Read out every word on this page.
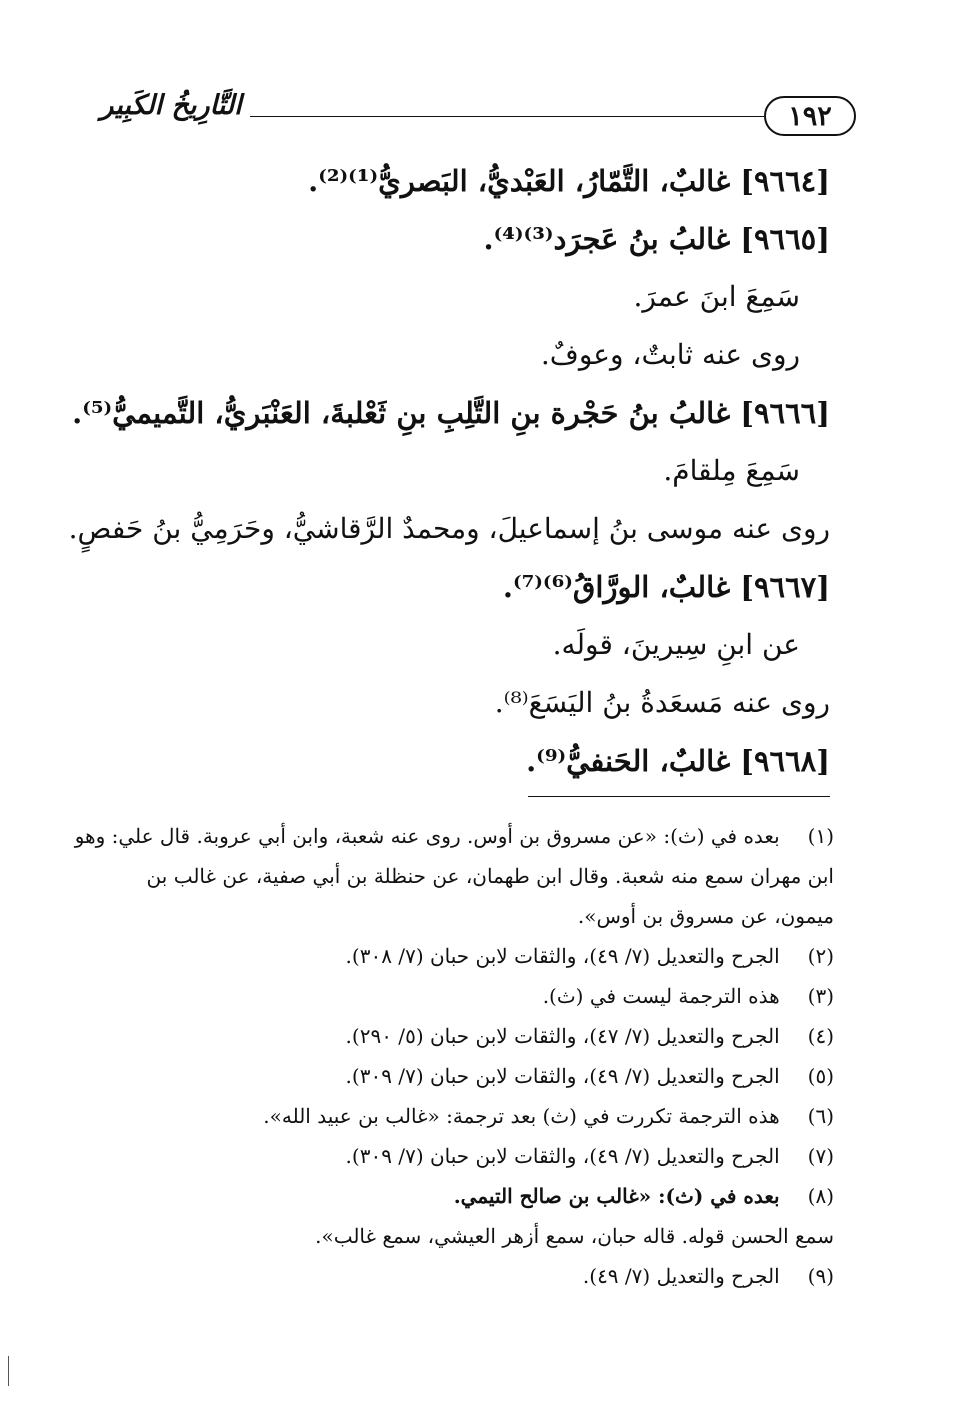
١٩٢
التَّارِيخُ الكَبِير
[٩٦٦٤] غالبٌ، التَّمّارُ، العَبْديُّ، البَصريُّ⁽¹⁾⁽²⁾.
[٩٦٦٥] غالبُ بنُ عَجرَد⁽³⁾⁽⁴⁾.
سَمِعَ ابنَ عمرَ.
روى عنه ثابتٌ، وعوفٌ.
[٩٦٦٦] غالبُ بنُ حَجْرة بنِ التَّلِبِ بنِ ثَعْلبةَ، العَنْبَريُّ، التَّميميُّ⁽⁵⁾.
سَمِعَ مِلقامَ.
روى عنه موسى بنُ إسماعيلَ، ومحمدٌ الرَّقاشيُّ، وحَرَمِيُّ بنُ حَفصٍ.
[٩٦٦٧] غالبٌ، الورَّاقُ⁽⁶⁾⁽⁷⁾.
عن ابنِ سِيرينَ، قولَه.
روى عنه مَسعَدةُ بنُ اليَسَعَ⁽⁸⁾.
[٩٦٦٨] غالبٌ، الحَنفيُّ⁽⁹⁾.
(١) بعده في (ث): «عن مسروق بن أوس. روى عنه شعبة، وابن أبي عروبة. قال علي: وهو
ابن مهران سمع منه شعبة. وقال ابن طهمان، عن حنظلة بن أبي صفية، عن غالب بن
ميمون، عن مسروق بن أوس».
(٢) الجرح والتعديل (٧/ ٤٩)، والثقات لابن حبان (٧/ ٣٠٨).
(٣) هذه الترجمة ليست في (ث).
(٤) الجرح والتعديل (٧/ ٤٧)، والثقات لابن حبان (٥/ ٢٩٠).
(٥) الجرح والتعديل (٧/ ٤٩)، والثقات لابن حبان (٧/ ٣٠٩).
(٦) هذه الترجمة تكررت في (ث) بعد ترجمة: «غالب بن عبيد الله».
(٧) الجرح والتعديل (٧/ ٤٩)، والثقات لابن حبان (٧/ ٣٠٩).
(٨) بعده في (ث): «غالب بن صالح التيمي.
سمع الحسن قوله. قاله حبان، سمع أزهر العيشي، سمع غالب».
(٩) الجرح والتعديل (٧/ ٤٩).
